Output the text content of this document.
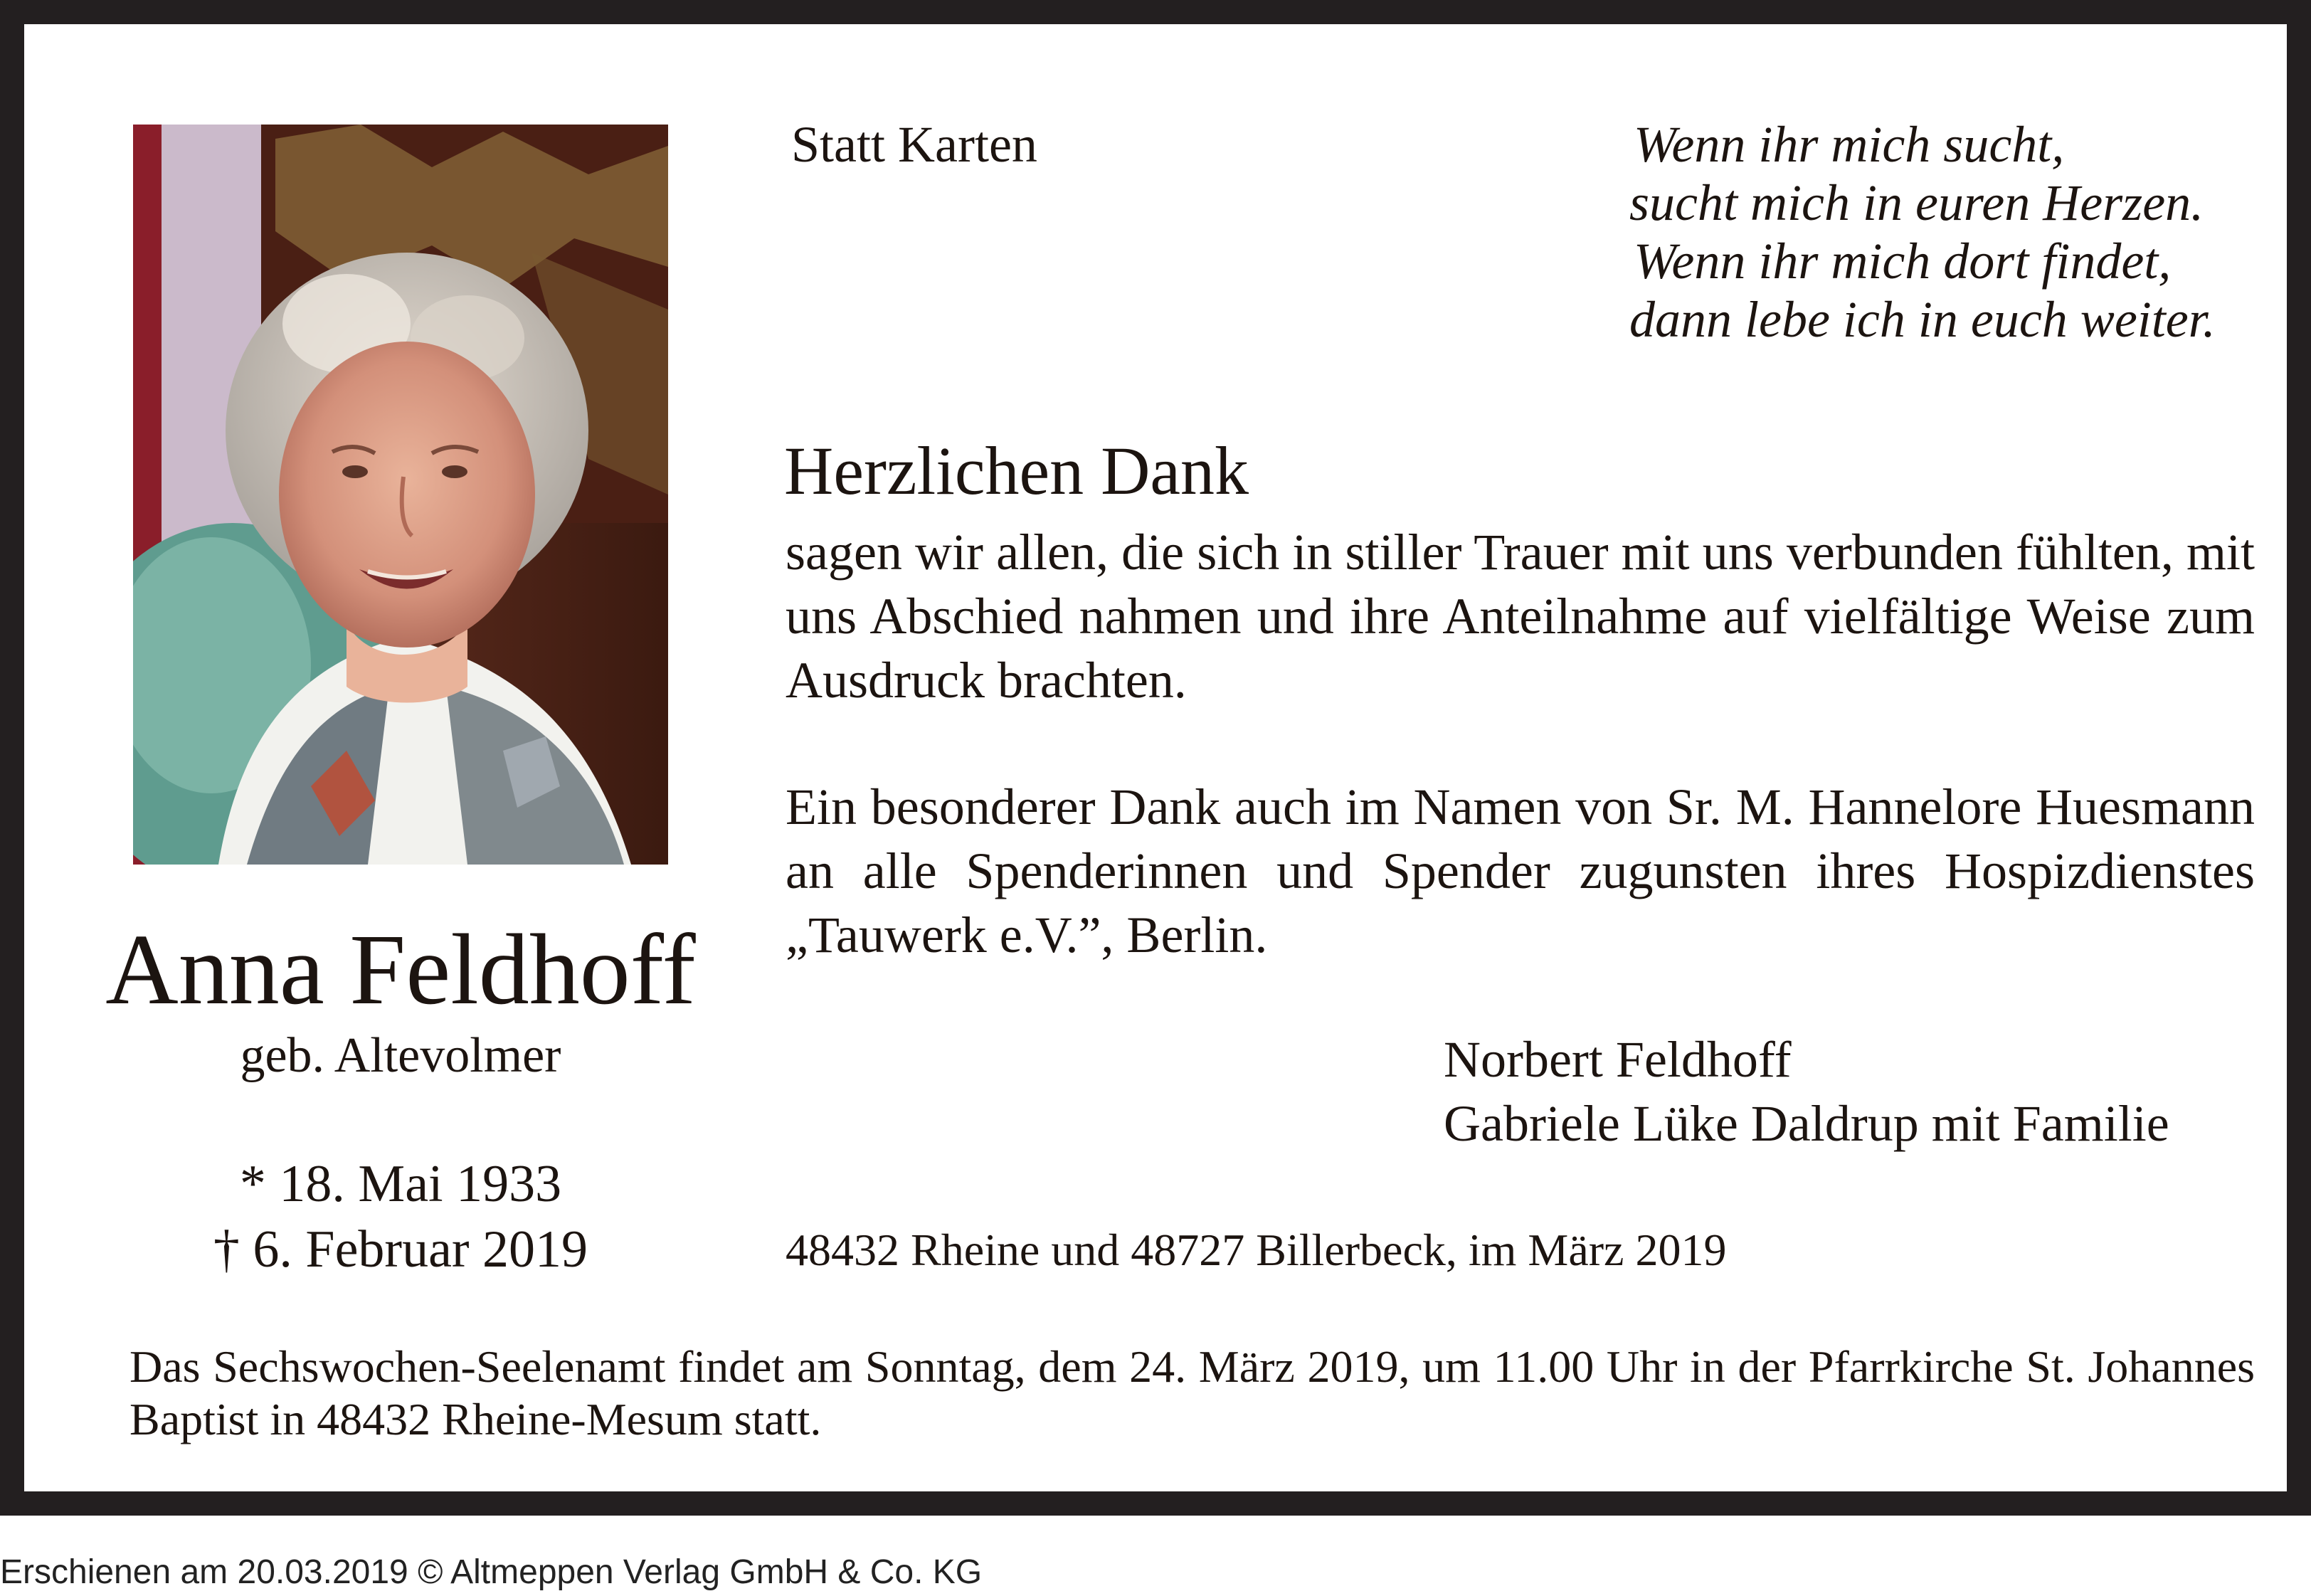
Anna Feldhoff
geb. Altevolmer
* 18. Mai 1933
† 6. Februar 2019
Statt Karten	Wenn ihr mich sucht,
sucht mich in euren Herzen.
Wenn ihr mich dort findet,
dann lebe ich in euch weiter.
Herzlichen Dank
sagen wir allen, die sich in stiller Trauer mit uns verbunden fühlten, mit uns Abschied nahmen und ihre Anteilnahme auf vielfältige Weise zum Ausdruck brachten.
Ein besonderer Dank auch im Namen von Sr. M. Hannelore Huesmann an alle Spenderinnen und Spender zugunsten ihres Hospizdienstes „Tauwerk e.V.”, Berlin.
Norbert Feldhoff
Gabriele Lüke Daldrup mit Familie
48432 Rheine und 48727 Billerbeck, im März 2019
Das Sechswochen-Seelenamt findet am Sonntag, dem 24. März 2019, um 11.00 Uhr in der Pfarrkirche St. Johannes Baptist in 48432 Rheine-Mesum statt.
Erschienen am 20.03.2019 © Altmeppen Verlag GmbH & Co. KG
